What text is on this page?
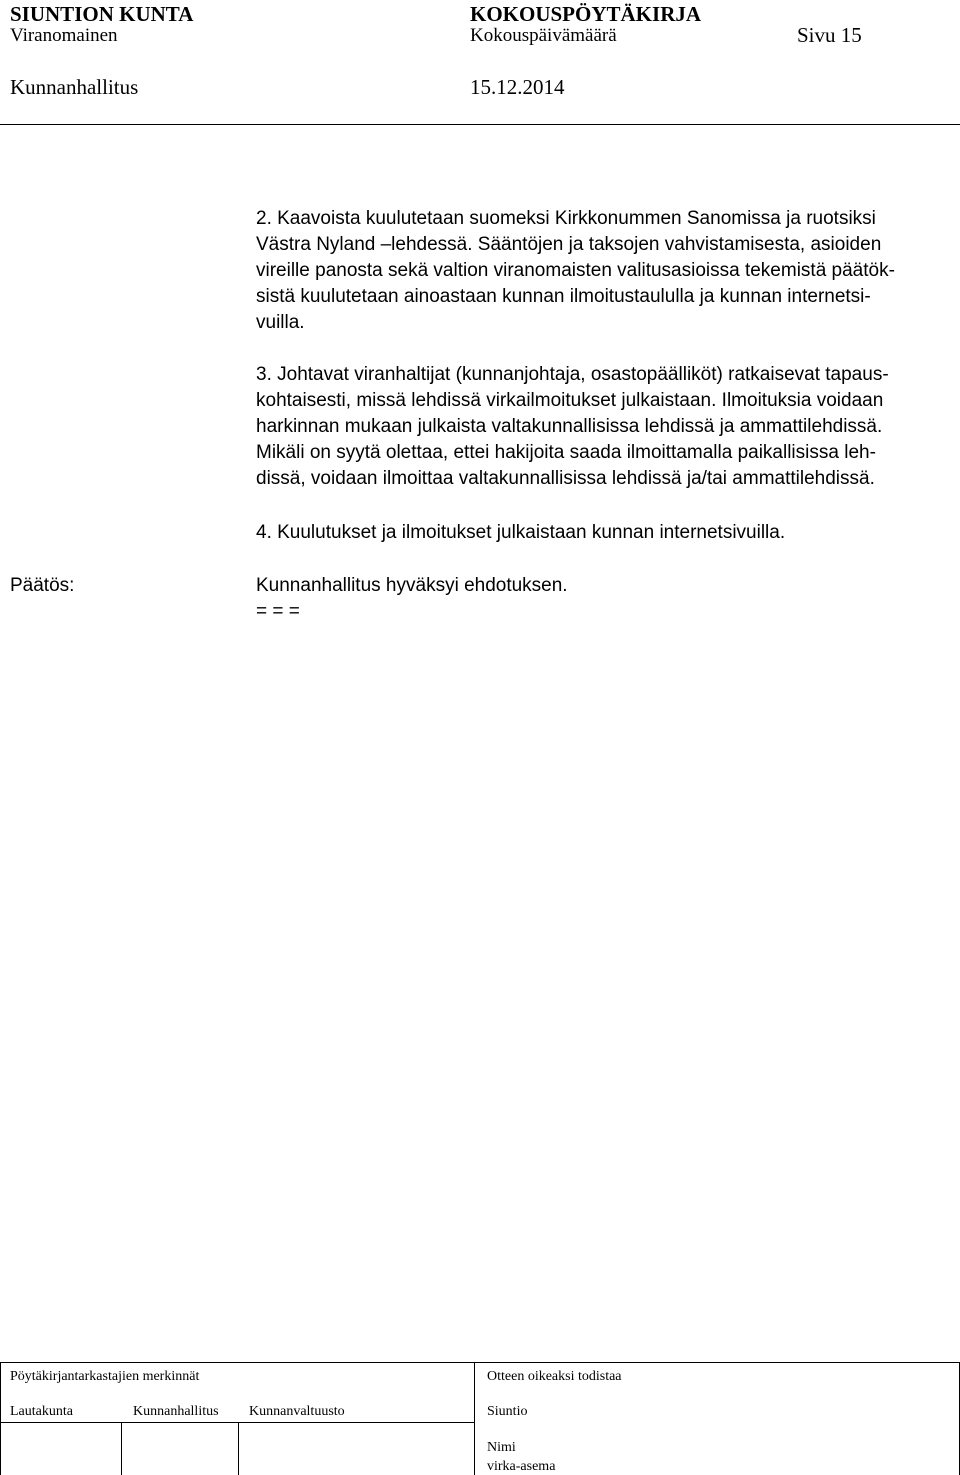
SIUNTION KUNTA	KOKOUSPÖYTÄKIRJA
Viranomainen	Kokouspäivämäärä	Sivu 15
Kunnanhallitus	15.12.2014
2. Kaavoista kuulutetaan suomeksi Kirkkonummen Sanomissa ja ruotsiksi
Västra Nyland –lehdessä. Sääntöjen ja taksojen vahvistamisesta, asioiden
vireille panosta sekä valtion viranomaisten valitusasioissa tekemistä päätök-
sistä kuulutetaan ainoastaan kunnan ilmoitustaululla ja kunnan internetsi-
vuilla.
3. Johtavat viranhaltijat (kunnanjohtaja, osastopäälliköt) ratkaisevat tapaus-
kohtaisesti, missä lehdissä virkailmoitukset julkaistaan. Ilmoituksia voidaan
harkinnan mukaan julkaista valtakunnallisissa lehdissä ja ammattilehdissä.
Mikäli on syytä olettaa, ettei hakijoita saada ilmoittamalla paikallisissa leh-
dissä, voidaan ilmoittaa valtakunnallisissa lehdissä ja/tai ammattilehdissä.
4. Kuulutukset ja ilmoitukset julkaistaan kunnan internetsivuilla.
Päätös:	Kunnanhallitus hyväksyi ehdotuksen.
= = =
Pöytäkirjantarkastajien merkinnät	Otteen oikeaksi todistaa
Lautakunta	Kunnanhallitus Kunnanvaltuusto	Siuntio
Nimi
virka-asema
